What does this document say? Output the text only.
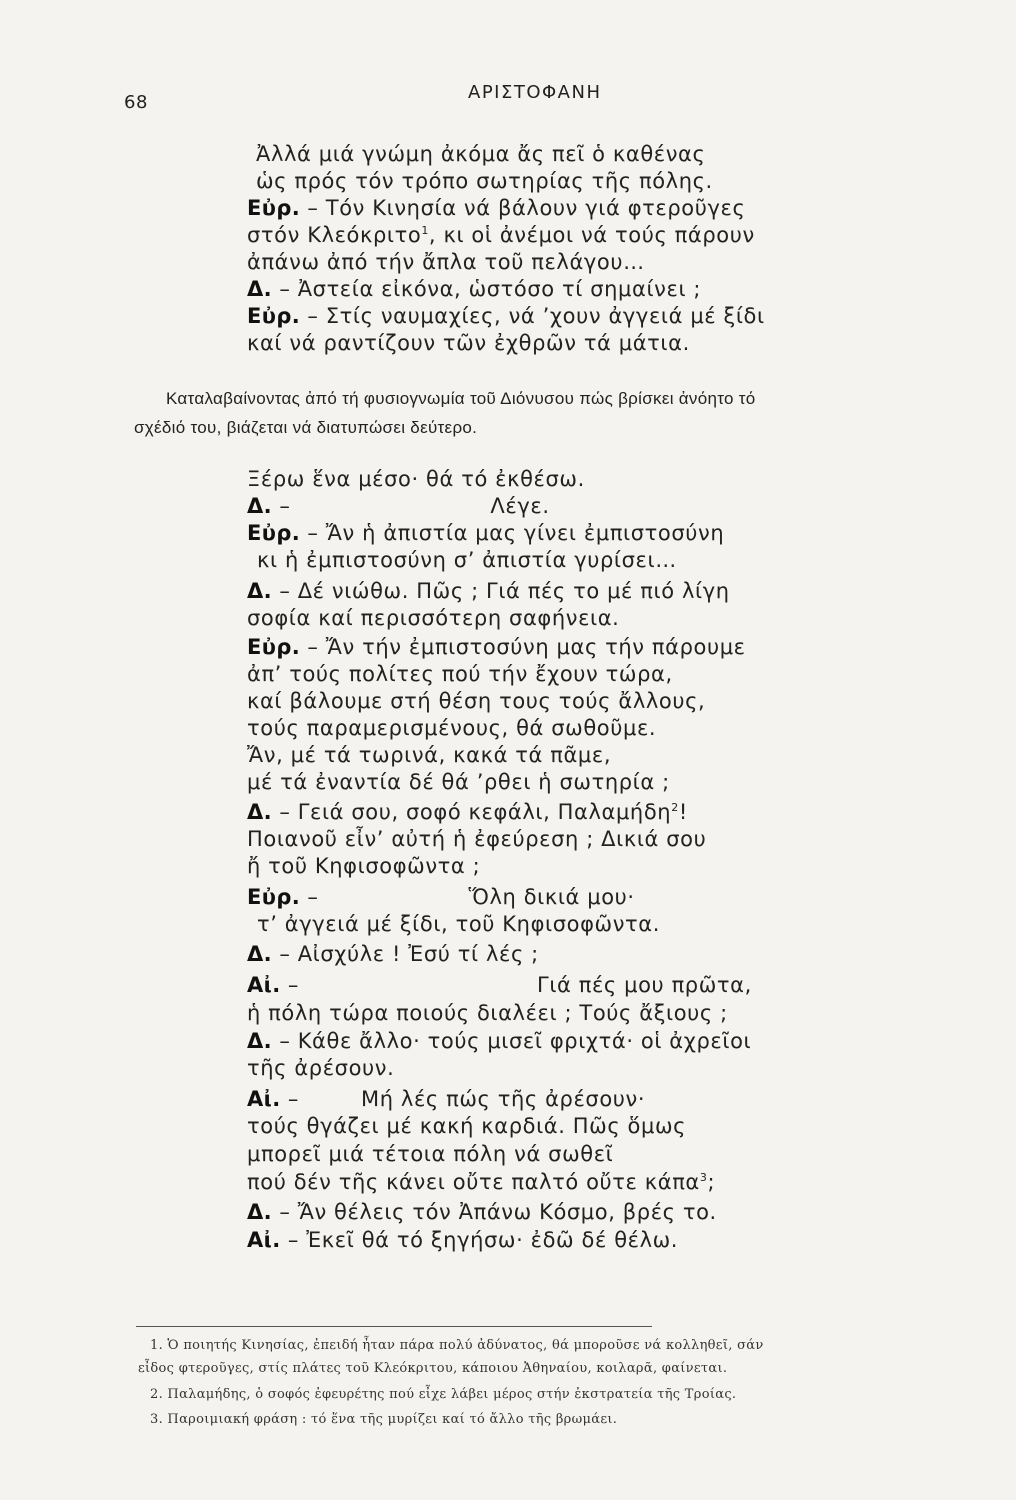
68	ΑΡΙΣΤΟΦΑΝΗ
Ἀλλά μιά γνώμη ἀκόμα ἄς πεῖ ὁ καθένας
ὡς πρός τόν τρόπο σωτηρίας τῆς πόλης.
Εὐρ. – Τόν Κινησία νά βάλουν γιά φτεροῦγες
στόν Κλεόκριτο$^1$, κι οἱ ἀνέμοι νά τούς πάρουν
ἀπάνω ἀπό τήν ἄπλα τοῦ πελάγου…
Δ. – Ἀστεία εἰκόνα, ὡστόσο τί σημαίνει ;
Εὐρ. – Στίς ναυμαχίες, νά ’χουν ἀγγειά μέ ξίδι
καί νά ραντίζουν τῶν ἐχθρῶν τά μάτια.
Καταλαβαίνοντας ἀπό τή φυσιογνωμία τοῦ Διόνυσου πώς βρίσκει ἀνόητο τό
σχέδιό του, βιάζεται νά διατυπώσει δεύτερο.
Ξέρω ἕνα μέσο· θά τό ἐκθέσω.
Δ. –	Λέγε.
Εὐρ. – Ἄν ἡ ἀπιστία μας γίνει ἐμπιστοσύνη
κι ἡ ἐμπιστοσύνη σ’ ἀπιστία γυρίσει…
Δ. – Δέ νιώθω. Πῶς ; Γιά πές το μέ πιό λίγη
σοφία καί περισσότερη σαφήνεια.
Εὐρ. – Ἄν τήν ἐμπιστοσύνη μας τήν πάρουμε
ἀπ’ τούς πολίτες πού τήν ἔχουν τώρα,
καί βάλουμε στή θέση τους τούς ἄλλους,
τούς παραμερισμένους, θά σωθοῦμε.
Ἄν, μέ τά τωρινά, κακά τά πᾶμε,
μέ τά ἐναντία δέ θά ’ρθει ἡ σωτηρία ;
Δ. – Γειά σου, σοφό κεφάλι, Παλαμήδη$^2$!
Ποιανοῦ εἶν’ αὐτή ἡ ἐφεύρεση ; Δικιά σου
ἤ τοῦ Κηφισοφῶντα ;
Εὐρ. –	Ὅλη δικιά μου·
τ’ ἀγγειά μέ ξίδι, τοῦ Κηφισοφῶντα.
Δ. – Αἰσχύλε ! Ἐσύ τί λές ;
Αἰ. –	Γιά πές μου πρῶτα,
ἡ πόλη τώρα ποιούς διαλέει ; Τούς ἄξιους ;
Δ. – Κάθε ἄλλο· τούς μισεῖ φριχτά· οἱ ἀχρεῖοι
τῆς ἀρέσουν.
Αἰ. –	Μή λές πώς τῆς ἀρέσουν·
τούς θγάζει μέ κακή καρδιά. Πῶς ὅμως
μπορεῖ μιά τέτοια πόλη νά σωθεῖ
πού δέν τῆς κάνει οὔτε παλτό οὔτε κάπα$^3$;
Δ. – Ἄν θέλεις τόν Ἀπάνω Κόσμο, βρές το.
Αἰ. – Ἐκεῖ θά τό ξηγήσω· ἐδῶ δέ θέλω.
1. Ὁ ποιητής Κινησίας, ἐπειδή ἦταν πάρα πολύ ἀδύνατος, θά μποροῦσε νά κολληθεῖ, σάν
εἶδος φτεροῦγες, στίς πλάτες τοῦ Κλεόκριτου, κάποιου Ἀθηναίου, κοιλαρᾶ, φαίνεται.
2. Παλαμήδης, ὁ σοφός ἐφευρέτης πού εἶχε λάβει μέρος στήν ἐκστρατεία τῆς Τροίας.
3. Παροιμιακή φράση : τό ἕνα τῆς μυρίζει καί τό ἄλλο τῆς βρωμάει.
